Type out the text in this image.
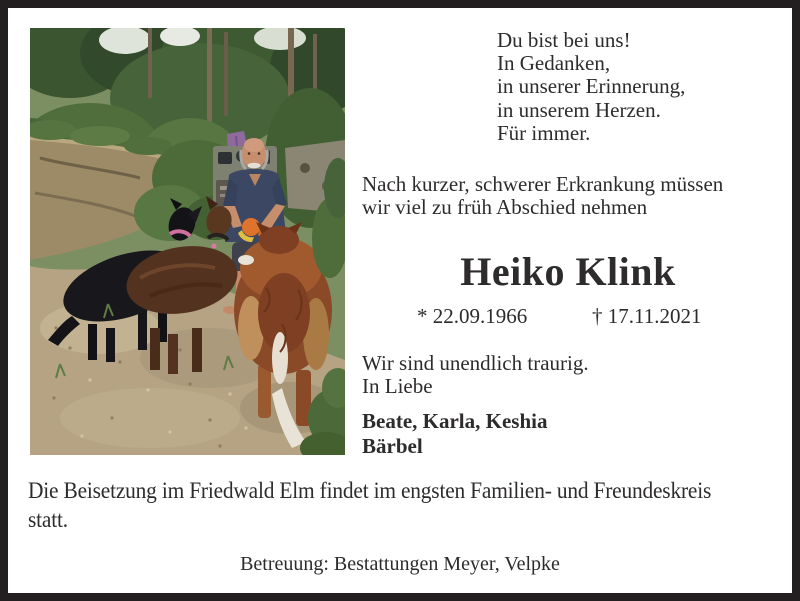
Du bist bei uns!
In Gedanken,
in unserer Erinnerung,
in unserem Herzen.
Für immer.
Nach kurzer, schwerer Erkrankung müssen
wir viel zu früh Abschied nehmen
Heiko Klink
* 22.09.1966	† 17.11.2021
Wir sind unendlich traurig.
In Liebe
Beate, Karla, Keshia
Bärbel
Die Beisetzung im Friedwald Elm findet im engsten Familien- und Freundeskreis
statt.
Betreuung: Bestattungen Meyer, Velpke
